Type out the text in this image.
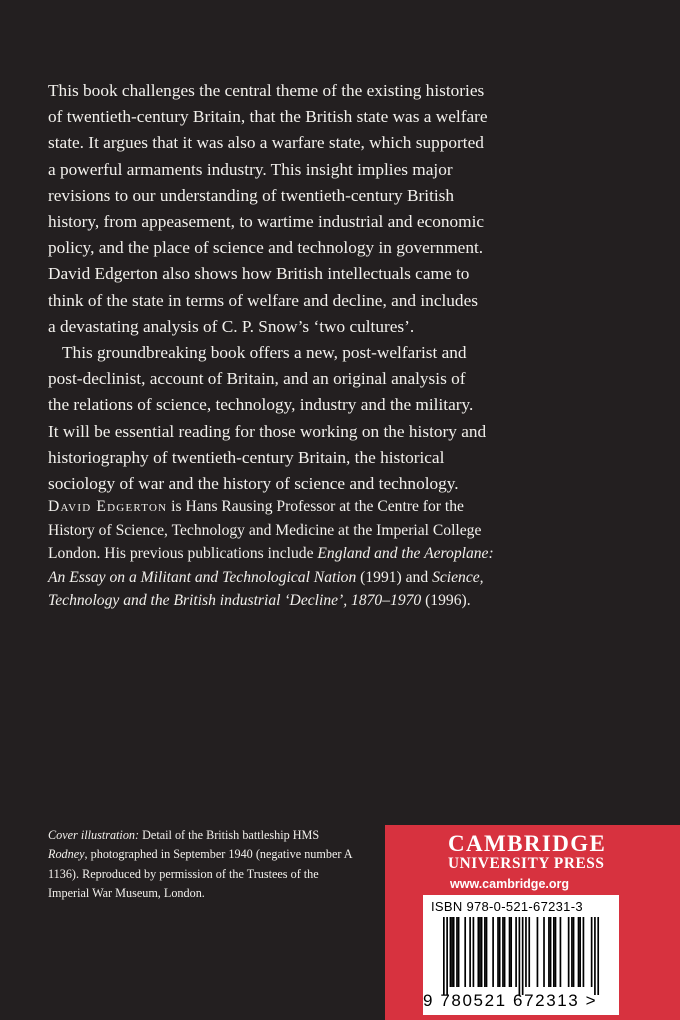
This book challenges the central theme of the existing histories of twentieth-century Britain, that the British state was a welfare state. It argues that it was also a warfare state, which supported a powerful armaments industry. This insight implies major revisions to our understanding of twentieth-century British history, from appeasement, to wartime industrial and economic policy, and the place of science and technology in government. David Edgerton also shows how British intellectuals came to think of the state in terms of welfare and decline, and includes a devastating analysis of C. P. Snow’s ‘two cultures’.

This groundbreaking book offers a new, post-welfarist and post-declinist, account of Britain, and an original analysis of the relations of science, technology, industry and the military. It will be essential reading for those working on the history and historiography of twentieth-century Britain, the historical sociology of war and the history of science and technology.

David Edgerton is Hans Rausing Professor at the Centre for the History of Science, Technology and Medicine at the Imperial College London. His previous publications include England and the Aeroplane: An Essay on a Militant and Technological Nation (1991) and Science, Technology and the British industrial ‘Decline’, 1870–1970 (1996).

Cover illustration: Detail of the British battleship HMS Rodney, photographed in September 1940 (negative number A 1136). Reproduced by permission of the Trustees of the Imperial War Museum, London.

CAMBRIDGE

UNIVERSITY PRESS

www.cambridge.org

ISBN 978-0-521-67231-3
9 780521 672313 >
